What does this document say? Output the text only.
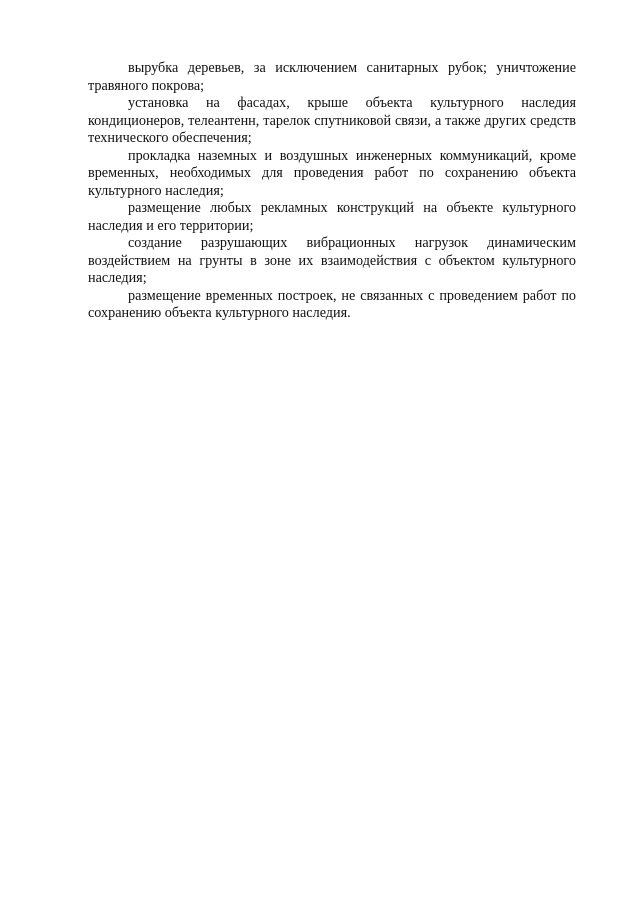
вырубка деревьев, за исключением санитарных рубок; уничтожение травяного покрова;

установка на фасадах, крыше объекта культурного наследия кондиционеров, телеантенн, тарелок спутниковой связи, а также других средств технического обеспечения;

прокладка наземных и воздушных инженерных коммуникаций, кроме временных, необходимых для проведения работ по сохранению объекта культурного наследия;

размещение любых рекламных конструкций на объекте культурного наследия и его территории;

создание разрушающих вибрационных нагрузок динамическим воздействием на грунты в зоне их взаимодействия с объектом культурного наследия;

размещение временных построек, не связанных с проведением работ по сохранению объекта культурного наследия.
